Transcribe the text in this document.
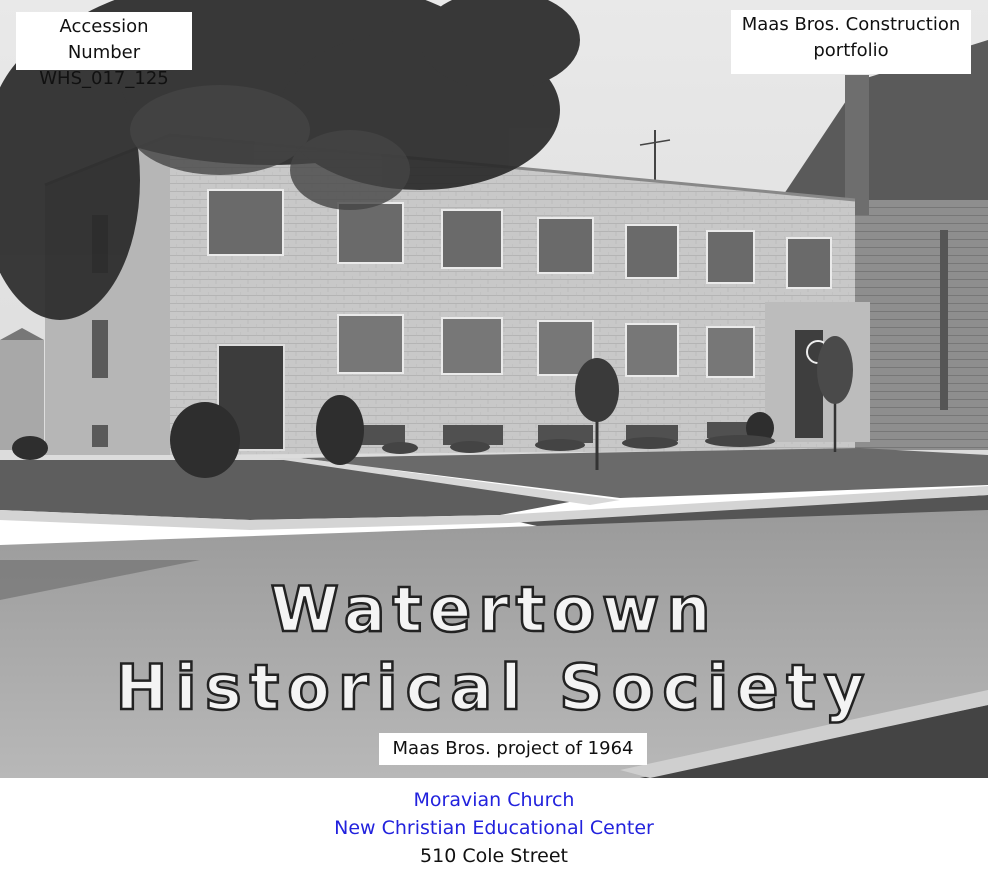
Accession Number
WHS_017_125
Maas Bros. Construction
portfolio
Watertown
Historical Society
Maas Bros. project of 1964
Moravian Church
New Christian Educational Center
510 Cole Street
